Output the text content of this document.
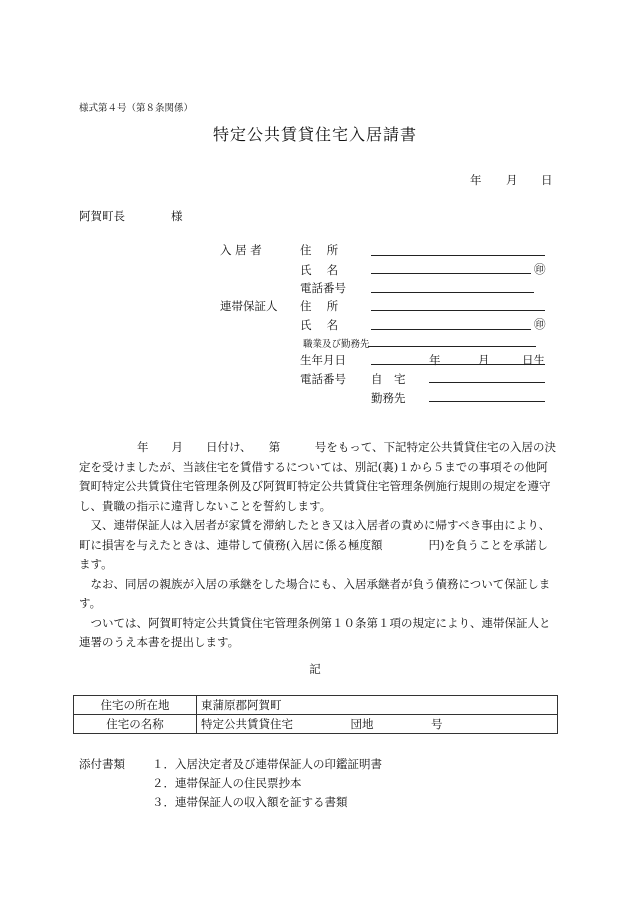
様式第４号（第８条関係）
特定公共賃貸住宅入居請書
年 月 日
阿賀町長	様
入 居 者	住　 所
氏　 名	㊞
電話番号
連帯保証人 住　 所
氏　 名	㊞
職業及び勤務先
生年月日	年	月	日生
電話番号 自　宅
勤務先

年　　月　　日付け、　　第　　　号をもって、下記特定公共賃貸住宅の入居の決定を受けましたが、当該住宅を賃借するについては、別記(裏)１から５までの事項その他阿賀町特定公共賃貸住宅管理条例及び阿賀町特定公共賃貸住宅管理条例施行規則の規定を遵守し、貴職の指示に違背しないことを誓約します。

又、連帯保証人は入居者が家賃を滞納したとき又は入居者の責めに帰すべき事由により、町に損害を与えたときは、連帯して債務(入居に係る極度額　　　　円)を負うことを承諾します。

なお、同居の親族が入居の承継をした場合にも、入居承継者が負う債務について保証します。

ついては、阿賀町特定公共賃貸住宅管理条例第１０条第１項の規定により、連帯保証人と連署のうえ本書を提出します。

記
住宅の所在地	東蒲原郡阿賀町
住宅の名称	特定公共賃貸住宅　　　　　団地　　　　　号
添付書類 １．入居決定者及び連帯保証人の印鑑証明書
２．連帯保証人の住民票抄本
３．連帯保証人の収入額を証する書類
